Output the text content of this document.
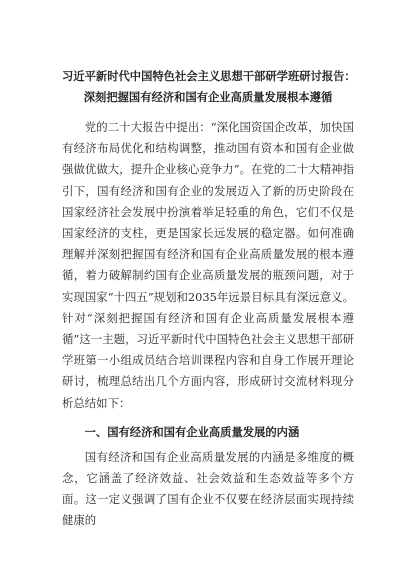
习近平新时代中国特色社会主义思想干部研学班研讨报告：

深刻把握国有经济和国有企业高质量发展根本遵循

党的二十大报告中提出：“深化国资国企改革，加快国有经济布局优化和结构调整，推动国有资本和国有企业做强做优做大，提升企业核心竞争力”。在党的二十大精神指引下，国有经济和国有企业的发展迈入了新的历史阶段在国家经济社会发展中扮演着举足轻重的角色，它们不仅是国家经济的支柱，更是国家长远发展的稳定器。如何准确理解并深刻把握国有经济和国有企业高质量发展的根本遵循，着力破解制约国有企业高质量发展的瓶颈问题，对于实现国家“十四五”规划和2035年远景目标具有深远意义。针对“深刻把握国有经济和国有企业高质量发展根本遵循”这一主题，习近平新时代中国特色社会主义思想干部研学班第一小组成员结合培训课程内容和自身工作展开理论研讨，梳理总结出几个方面内容，形成研讨交流材料现分析总结如下：

一、国有经济和国有企业高质量发展的内涵

国有经济和国有企业高质量发展的内涵是多维度的概念，它涵盖了经济效益、社会效益和生态效益等多个方面。这一定义强调了国有企业不仅要在经济层面实现持续健康的
